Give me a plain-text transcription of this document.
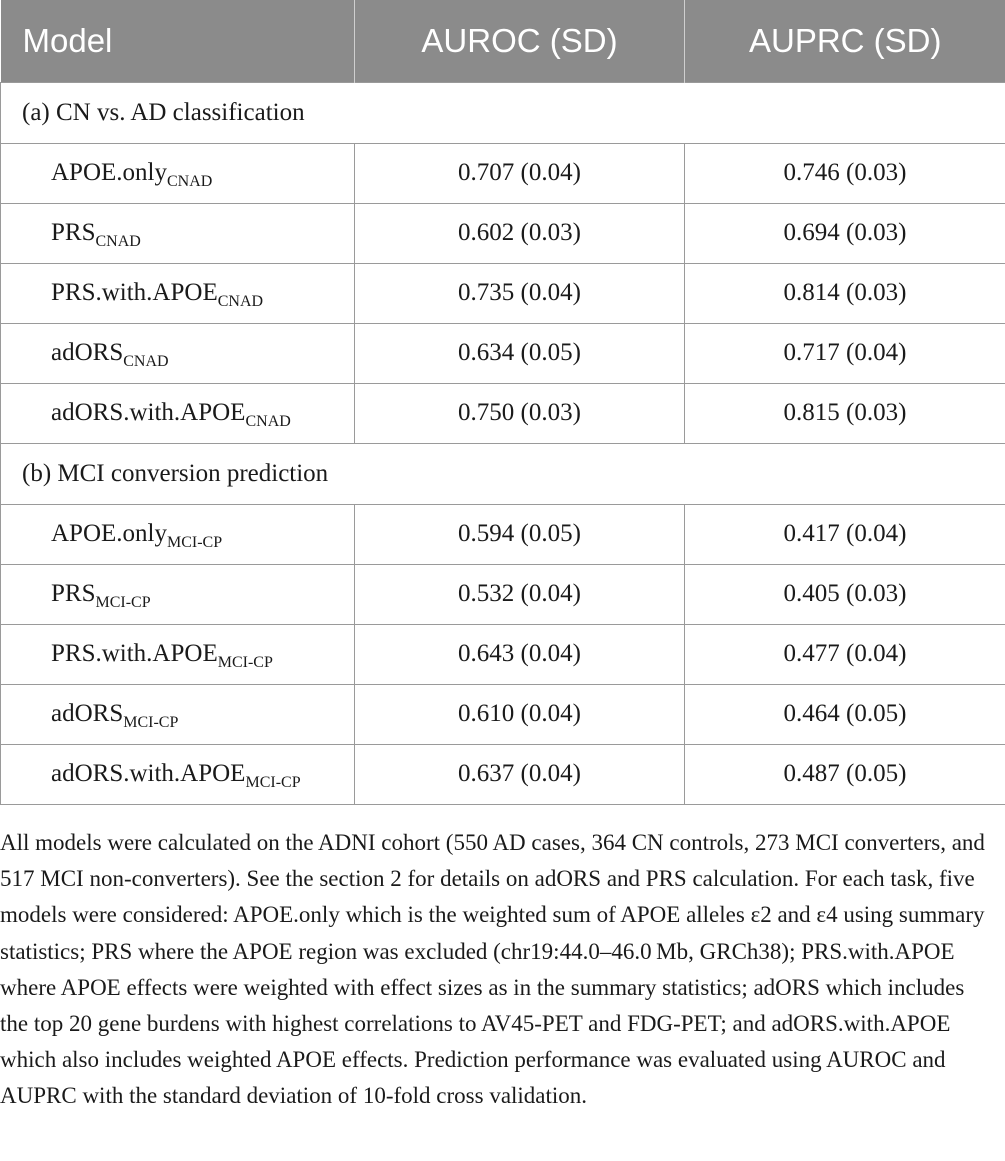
Model	AUROC (SD)	AUPRC (SD)
(a) CN vs. AD classification		
APOE.only$_{CNAD}$	0.707 (0.04)	0.746 (0.03)
$PRS_{CNAD}$	0.602 (0.03)	0.694 (0.03)
$PRS.with.APOE_{CNAD}$	0.735 (0.04)	0.814 (0.03)
adORS$_{CNAD}$	0.634 (0.05)	0.717 (0.04)
$adORS.with.APOE_{CNAD}$	0.750 (0.03)	0.815 (0.03)
(b) MCI conversion prediction		
APOE.only$_{MCI-CP}$	0.594 (0.05)	0.417 (0.04)
$PRS_{MCI-CP}$	0.532 (0.04)	0.405 (0.03)
$PRS.with.APOE_{MCI-CP}$	0.643 (0.04)	0.477 (0.04)
adORS$_{MCI-CP}$	0.610 (0.04)	0.464 (0.05)
$adORS.with.APOE_{MCI-CP}$	0.637 (0.04)	0.487 (0.05)

All models were calculated on the ADNI cohort (550 AD cases, 364 CN controls, 273 MCI converters, and 517 MCI non-converters). See the section 2 for details on adORS and PRS calculation. For each task, five models were considered: APOE.only which is the weighted sum of APOE alleles ε2 and ε4 using summary statistics; PRS where the APOE region was excluded (chr19:44.0–46.0 Mb, GRCh38); PRS.with.APOE where APOE effects were weighted with effect sizes as in the summary statistics; adORS which includes the top 20 gene burdens with highest correlations to AV45-PET and FDG-PET; and adORS.with.APOE which also includes weighted APOE effects. Prediction performance was evaluated using AUROC and AUPRC with the standard deviation of 10-fold cross validation.
